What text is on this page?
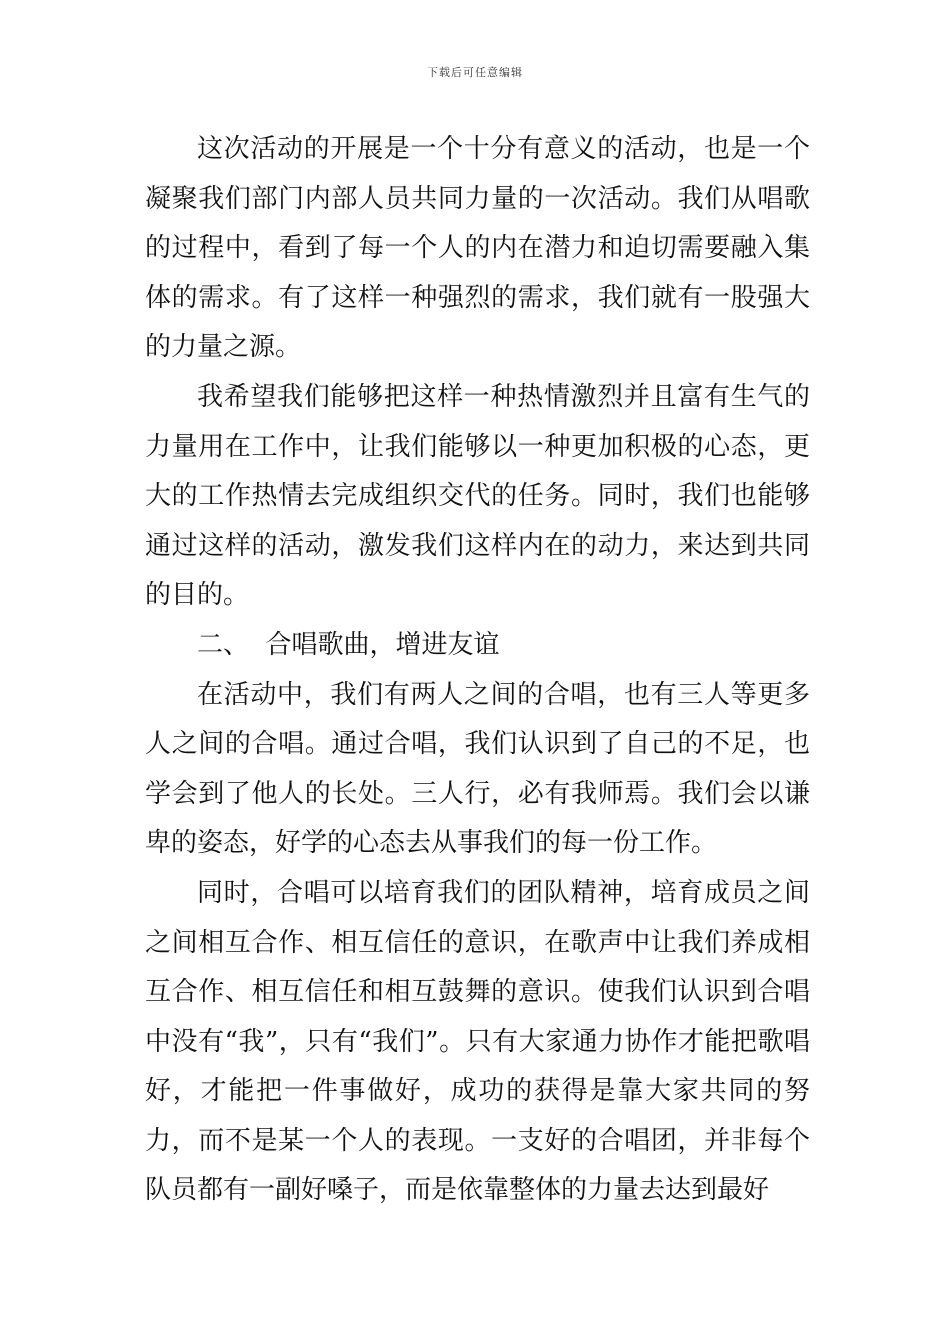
下载后可任意编辑

这次活动的开展是一个十分有意义的活动，也是一个凝聚我们部门内部人员共同力量的一次活动。我们从唱歌的过程中，看到了每一个人的内在潜力和迫切需要融入集体的需求。有了这样一种强烈的需求，我们就有一股强大的力量之源。

我希望我们能够把这样一种热情激烈并且富有生气的力量用在工作中，让我们能够以一种更加积极的心态，更大的工作热情去完成组织交代的任务。同时，我们也能够通过这样的活动，激发我们这样内在的动力，来达到共同的目的。

二、  合唱歌曲，增进友谊

在活动中，我们有两人之间的合唱，也有三人等更多人之间的合唱。通过合唱，我们认识到了自己的不足，也学会到了他人的长处。三人行，必有我师焉。我们会以谦卑的姿态，好学的心态去从事我们的每一份工作。

同时，合唱可以培育我们的团队精神，培育成员之间之间相互合作、相互信任的意识，在歌声中让我们养成相互合作、相互信任和相互鼓舞的意识。使我们认识到合唱中没有“我”，只有“我们”。只有大家通力协作才能把歌唱好，才能把一件事做好，成功的获得是靠大家共同的努力，而不是某一个人的表现。一支好的合唱团，并非每个队员都有一副好嗓子，而是依靠整体的力量去达到最好
